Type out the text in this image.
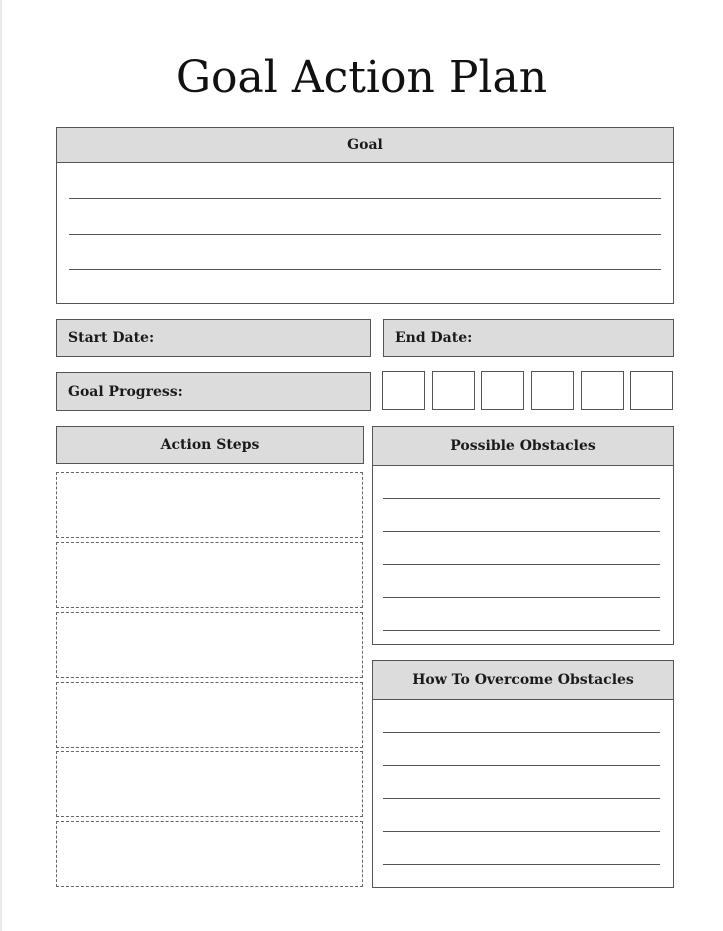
Goal Action Plan
Goal
Start Date:	End Date:
Goal Progress:
Action Steps	Possible Obstacles
How To Overcome Obstacles
